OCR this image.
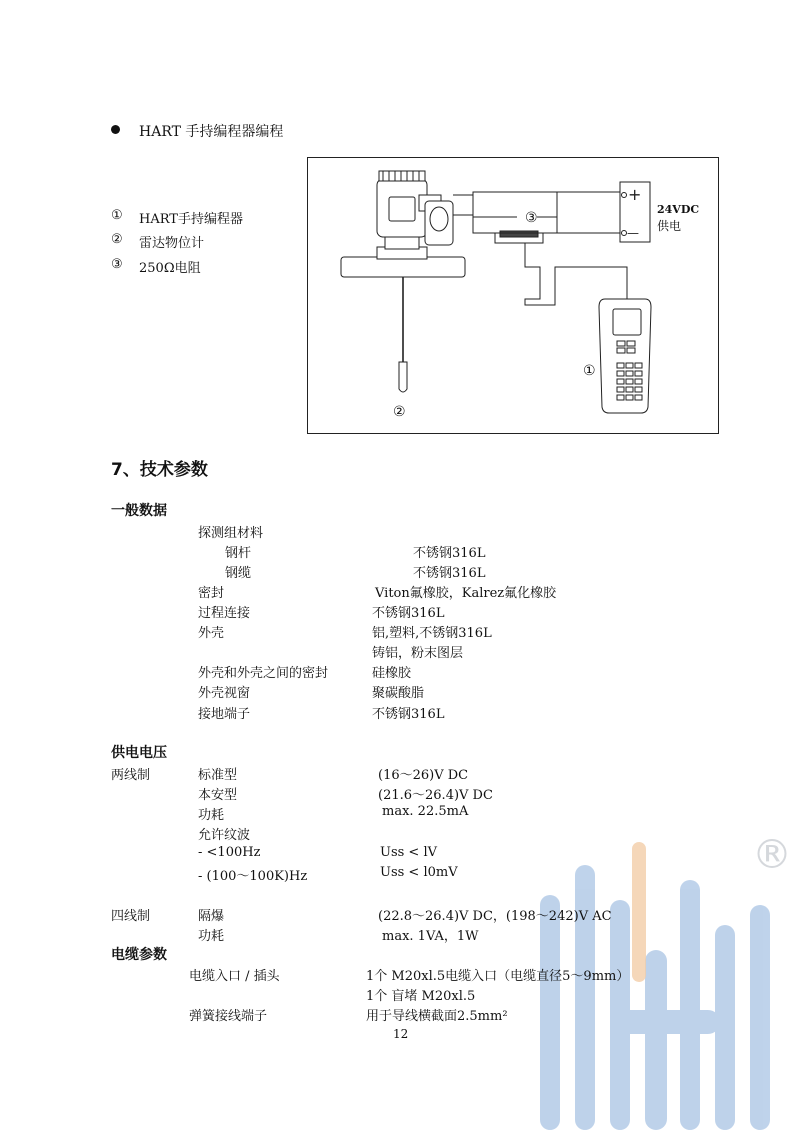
®
HART 手持编程器编程
① HART手持编程器
② 雷达物位计
③ 250Ω电阻
+
—
24VDC
供电
③
②
①
7、技术参数
一般数据
探测组材料
钢杆	不锈钢316L
钢缆	不锈钢316L
密封	Viton氟橡胶，Kalrez氟化橡胶
过程连接	不锈钢316L
外壳	铝,塑料,不锈钢316L
铸铝，粉末图层
外壳和外壳之间的密封	硅橡胶
外壳视窗	聚碳酸脂
接地端子	不锈钢316L
供电电压
两线制	标准型	(16～26)V DC
本安型	(21.6～26.4)V DC
功耗	max. 22.5mA
允许纹波
- <100Hz	Uss < lV
- (100～100K)Hz	Uss < l0mV
四线制	隔爆	(22.8～26.4)V DC，(198～242)V AC
功耗	max. 1VA，1W
电缆参数
电缆入口 / 插头	1个 M20xl.5电缆入口（电缆直径5～9mm）
1个 盲堵 M20xl.5
弹簧接线端子	用于导线横截面2.5mm²
12
